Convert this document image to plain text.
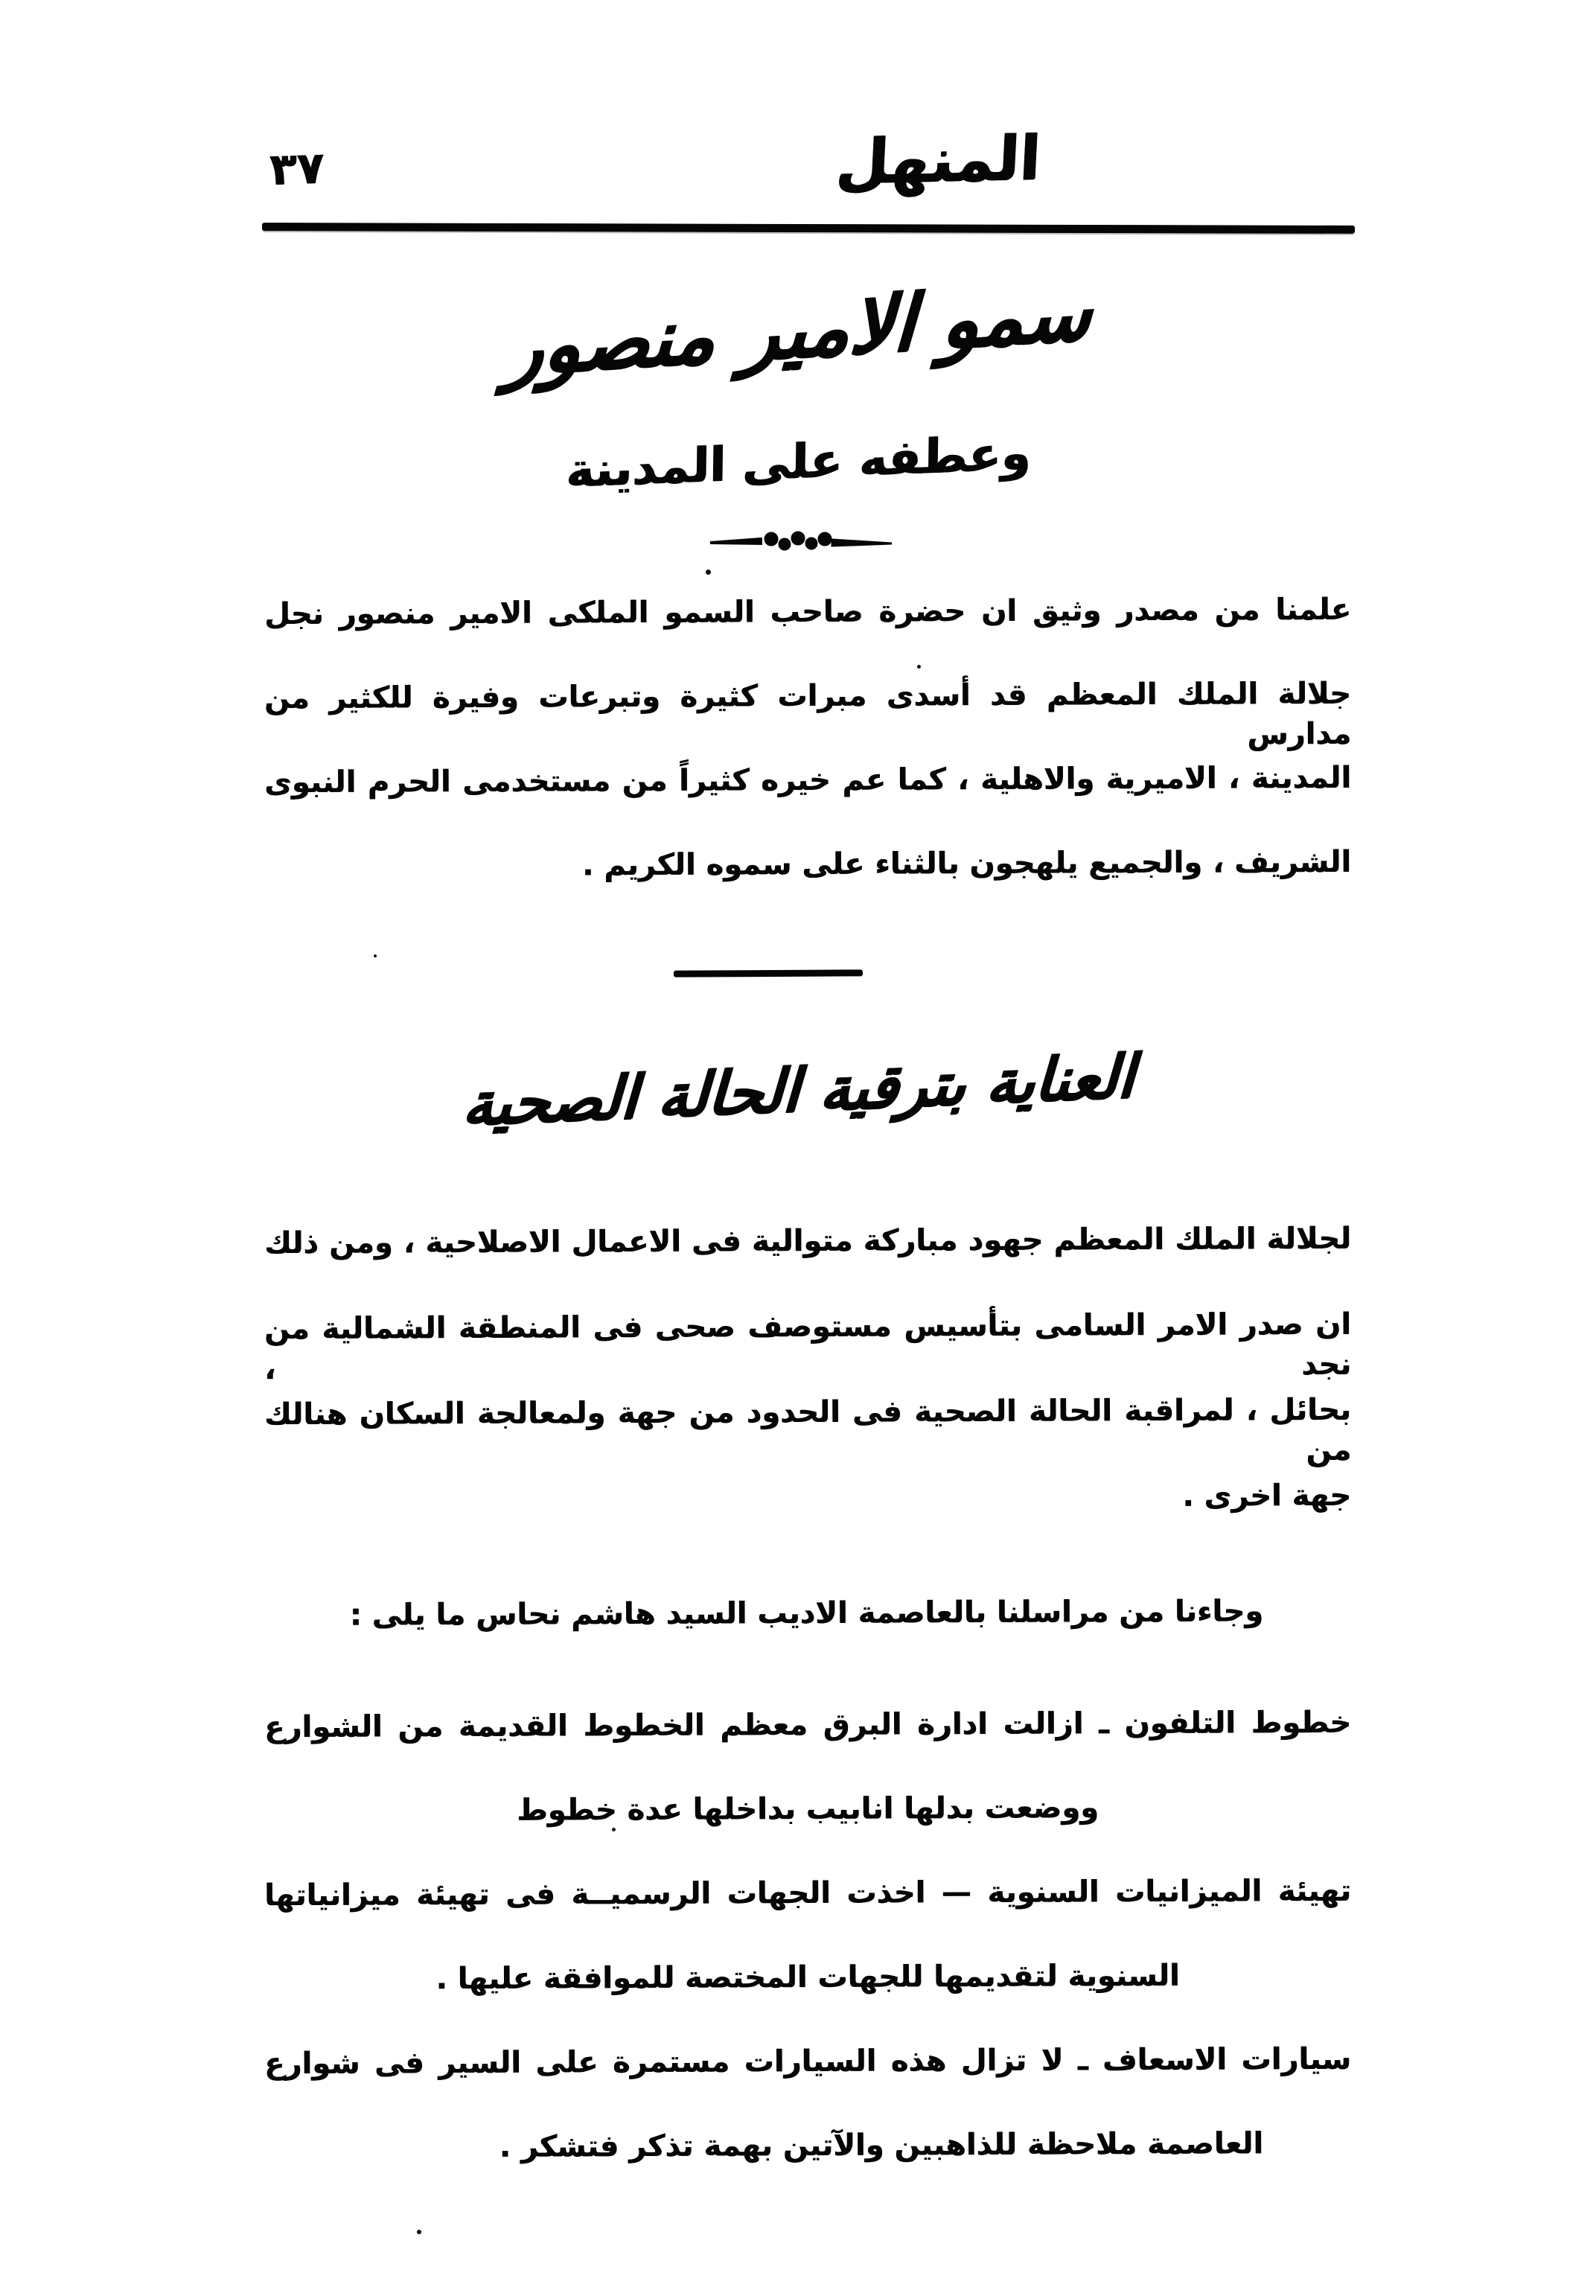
٣٧	المنهل
سمو الامير منصور
وعطفه على المدينة
علمنا من مصدر وثيق ان حضرة صاحب السمو الملكى الامير منصور نجل
جلالة الملك المعظم قد أسدى مبرات كثيرة وتبرعات وفيرة للكثير من مدارس
المدينة ، الاميرية والاهلية ، كما عم خيره كثيراً من مستخدمى الحرم النبوى
الشريف ، والجميع يلهجون بالثناء على سموه الكريم .
العناية بترقية الحالة الصحية
لجلالة الملك المعظم جهود مباركة متوالية فى الاعمال الاصلاحية ، ومن ذلك
ان صدر الامر السامى بتأسيس مستوصف صحى فى المنطقة الشمالية من نجد ،
بحائل ، لمراقبة الحالة الصحية فى الحدود من جهة ولمعالجة السكان هنالك من
جهة اخرى .
وجاءنا من مراسلنا بالعاصمة الاديب السيد هاشم نحاس ما يلى :
خطوط التلفون ـ ازالت ادارة البرق معظم الخطوط القديمة من الشوارع
ووضعت بدلها انابيب بداخلها عدة خطوط
تهيئة الميزانيات السنوية — اخذت الجهات الرسميــة فى تهيئة ميزانياتها
السنوية لتقديمها للجهات المختصة للموافقة عليها .
سيارات الاسعاف ـ لا تزال هذه السيارات مستمرة على السير فى شوارع
العاصمة ملاحظة للذاهبين والآتين بهمة تذكر فتشكر .
